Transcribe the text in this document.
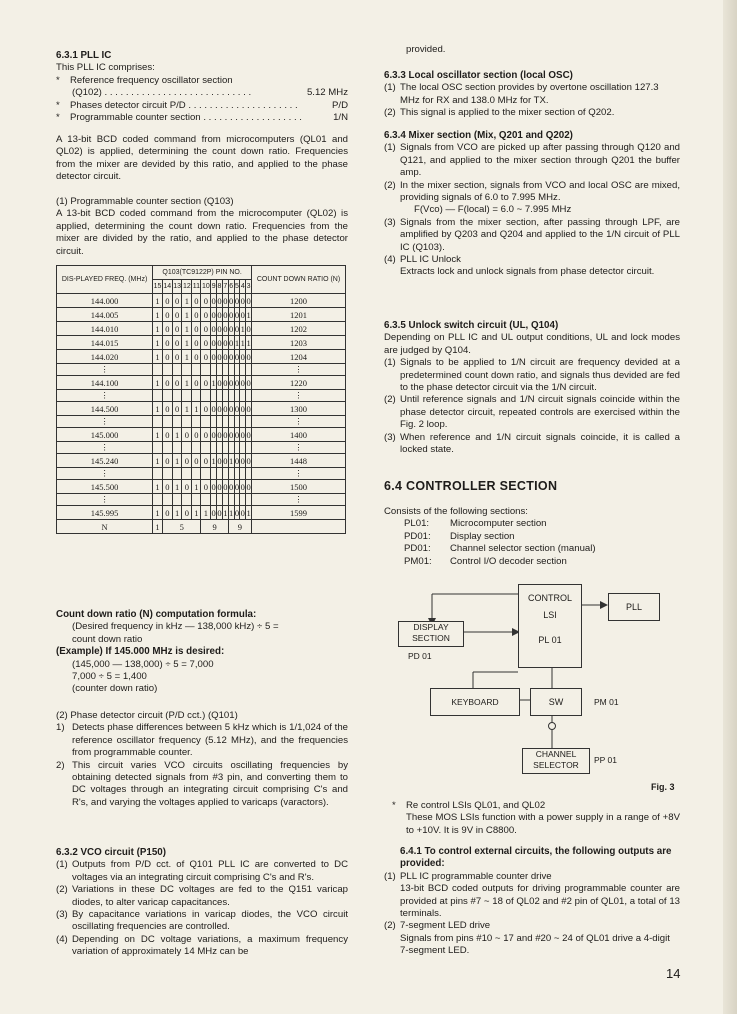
6.3.1 PLL IC
This PLL IC comprises:
*	Reference frequency oscillator section
(Q102) . . . . . . . . . . . . . . . . . . . . . . . . . . . .	5.12 MHz
*	Phases detector circuit P/D . . . . . . . . . . . . . . . . . . . . .	P/D
*	Programmable counter section . . . . . . . . . . . . . . . . . . .	1/N
A 13-bit BCD coded command from microcomputers (QL01 and QL02) is applied, determining the count down ratio. Frequencies from the mixer are devided by this ratio, and applied to the phase detector circuit.
(1) Programmable counter section (Q103)

A 13-bit BCD coded command from the microcomputer (QL02) is applied, determining the count down ratio. Frequencies from the mixer are divided by the ratio, and applied to the phase detector circuit.

DIS-PLAYED FREQ. (MHz)	Q103(TC9122P) PIN NO.													COUNT DOWN RATIO (N)
	15	14	13	12	11	10	9	8	7	6	5	4	3	
144.000	1	0	0	1	0	0	0	0	0	0	0	0	0	1200
144.005	1	0	0	1	0	0	0	0	0	0	0	0	1	1201
144.010	1	0	0	1	0	0	0	0	0	0	0	1	0	1202
144.015	1	0	0	1	0	0	0	0	0	0	1	1	1	1203
144.020	1	0	0	1	0	0	0	0	0	0	0	0	0	1204
⋮														⋮
144.100	1	0	0	1	0	0	1	0	0	0	0	0	0	1220
⋮														⋮
144.500	1	0	0	1	1	0	0	0	0	0	0	0	0	1300
⋮														⋮
145.000	1	0	1	0	0	0	0	0	0	0	0	0	0	1400
⋮														⋮
145.240	1	0	1	0	0	0	1	0	0	1	0	0	0	1448
⋮														⋮
145.500	1	0	1	0	1	0	0	0	0	0	0	0	0	1500
⋮														⋮
145.995	1	0	1	0	1	1	0	0	1	1	0	0	1	1599
N	1	5				9				9				
Count down ratio (N) computation formula:
(Desired frequency in kHz — 138,000 kHz) ÷ 5 =
count down ratio
(Example) If 145.000 MHz is desired:
(145,000 — 138,000) ÷ 5 = 7,000
7,000 ÷ 5 = 1,400
(counter down ratio)
(2) Phase detector circuit (P/D cct.) (Q101)
1) Detects phase differences between 5 kHz which is 1/1,024 of the reference oscillator frequency (5.12 MHz), and the frequencies from programmable counter.
2) This circuit varies VCO circuits oscillating frequencies by obtaining detected signals from #3 pin, and converting them to DC voltages through an integrating circuit comprising C's and R's, and varying the voltages applied to varicaps (varactors).
6.3.2 VCO circuit (P150)
(1) Outputs from P/D cct. of Q101 PLL IC are converted to DC voltages via an integrating circuit comprising C's and R's.
(2) Variations in these DC voltages are fed to the Q151 varicap diodes, to alter varicap capacitances.
(3) By capacitance variations in varicap diodes, the VCO circuit oscillating frequencies are controlled.
(4) Depending on DC voltage variations, a maximum frequency variation of approximately 14 MHz can be
provided.
6.3.3 Local oscillator section (local OSC)
(1) The local OSC section provides by overtone oscillation 127.3 MHz for RX and 138.0 MHz for TX.
(2) This signal is applied to the mixer section of Q202.
6.3.4 Mixer section (Mix, Q201 and Q202)
(1) Signals from VCO are picked up after passing through Q120 and Q121, and applied to the mixer section through Q201 the buffer amp.
(2) In the mixer section, signals from VCO and local OSC are mixed, providing signals of 6.0 to 7.995 MHz.
F(Vco) — F(local) = 6.0 ~ 7.995 MHz
(3) Signals from the mixer section, after passing through LPF, are amplified by Q203 and Q204 and applied to the 1/N circuit of PLL IC (Q103).
(4) PLL IC Unlock
Extracts lock and unlock signals from phase detector circuit.
6.3.5 Unlock switch circuit (UL, Q104)

Depending on PLL IC and UL output conditions, UL and lock modes are judged by Q104.

(1) Signals to be applied to 1/N circuit are frequency devided at a predetermined count down ratio, and signals thus devided are fed to the phase detector circuit via the 1/N circuit.
(2) Until reference signals and 1/N circuit signals coincide within the phase detector circuit, repeated controls are exercised within the Fig. 2 loop.
(3) When reference and 1/N circuit signals coincide, it is called a locked state.
6.4 CONTROLLER SECTION
Consists of the following sections:
PL01:	Microcomputer section
PD01:	Display section
PD01:	Channel selector section (manual)
PM01:	Control I/O decoder section
CONTROL
LSI
PL 01
PLL
DISPLAY SECTION
PD 01
KEYBOARD	SW	PM 01
CHANNEL SELECTOR	PP 01
Fig. 3
*	Re control LSIs QL01, and QL02
These MOS LSIs function with a power supply in a range of +8V to +10V. It is 9V in C8800.
6.4.1 To control external circuits, the following outputs are provided:
(1) PLL IC programmable counter drive
13-bit BCD coded outputs for driving programmable counter are provided at pins #7 ~ 18 of QL02 and #2 pin of QL01, a total of 13 terminals.
(2) 7-segment LED drive
Signals from pins #10 ~ 17 and #20 ~ 24 of QL01 drive a 4-digit 7-segment LED.
14
